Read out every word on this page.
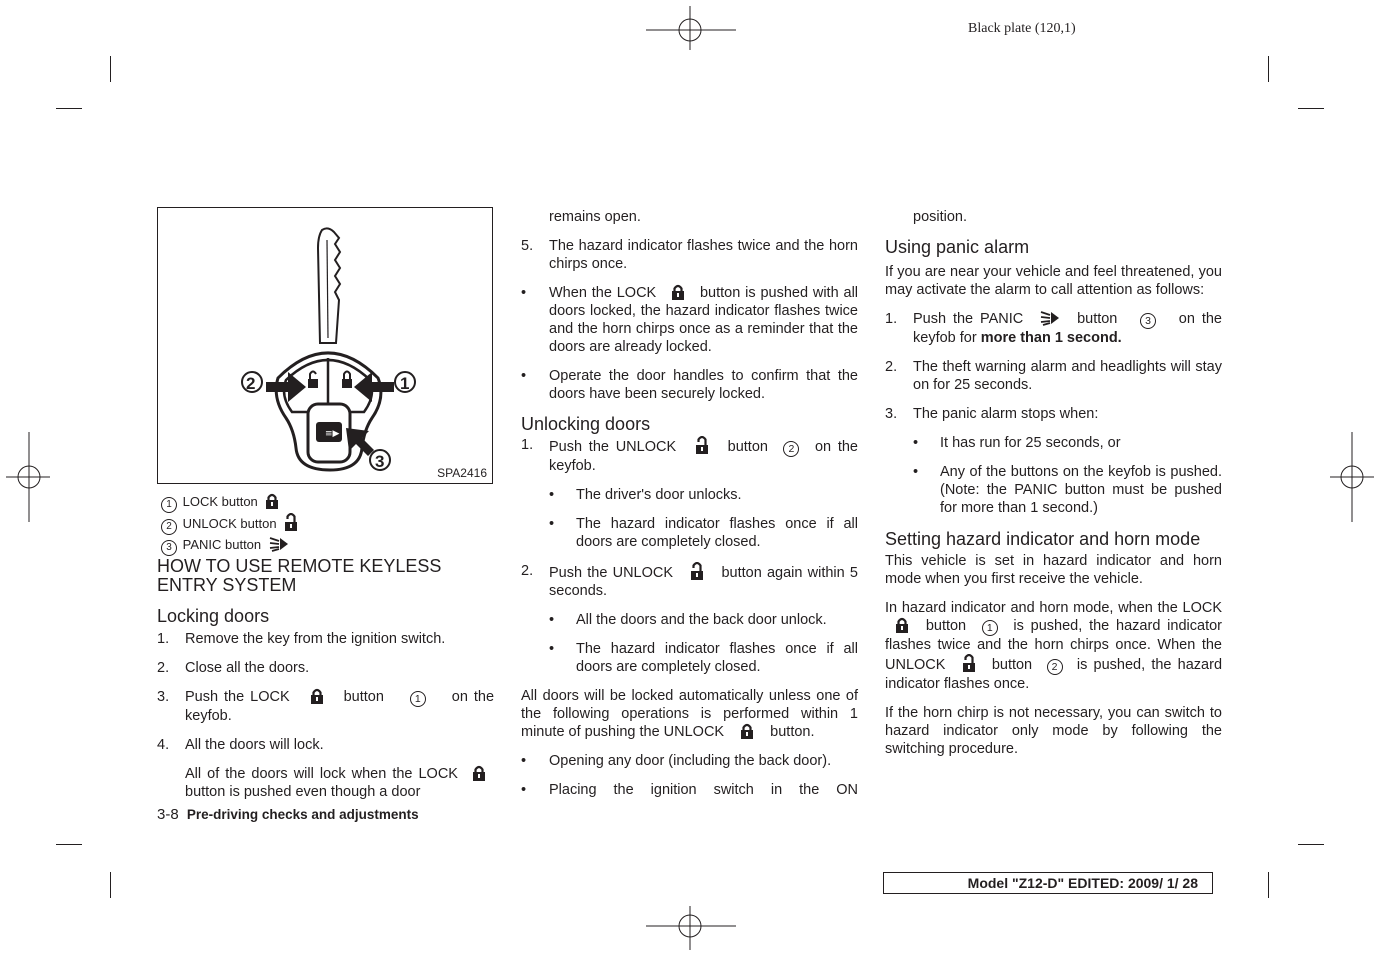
Black plate (120,1)
≡▶
2	1
3
SPA2416
1 LOCK button
2 UNLOCK button
3 PANIC button
HOW TO USE REMOTE KEYLESS
ENTRY SYSTEM
Locking doors
1. Remove the key from the ignition switch.
2. Close all the doors.
3. Push the LOCK	button	1 on the keyfob.
4. All the doors will lock.
All of the doors will lock when the LOCK  button is pushed even though a door
remains open.
5. The hazard indicator flashes twice and the horn chirps once.
• When the LOCK	button is pushed with all doors locked, the hazard indicator flashes twice and the horn chirps once as a reminder that the doors are already locked.
• Operate the door handles to confirm that the doors have been securely locked.
Unlocking doors
1. Push the UNLOCK	button 2 on the keyfob.
• The driver's door unlocks.
• The hazard indicator flashes once if all doors are completely closed.
2. Push the UNLOCK	button again within 5 seconds.
• All the doors and the back door unlock.
• The hazard indicator flashes once if all doors are completely closed.
All doors will be locked automatically unless one of the following operations is performed within 1 minute of pushing the UNLOCK	button.
• Opening any door (including the back door).
• Placing the ignition switch in the ON
position.
Using panic alarm
If you are near your vehicle and feel threatened, you may activate the alarm to call attention as follows:
1. Push the PANIC	button	3 on the keyfob for more than 1 second.
2. The theft warning alarm and headlights will stay on for 25 seconds.
3. The panic alarm stops when:
• It has run for 25 seconds, or
• Any of the buttons on the keyfob is pushed. (Note: the PANIC button must be pushed for more than 1 second.)
Setting hazard indicator and horn mode
This vehicle is set in hazard indicator and horn mode when you first receive the vehicle.
In hazard indicator and horn mode, when the LOCK  button 1 is pushed, the hazard indicator flashes twice and the horn chirps once. When the UNLOCK	button 2 is pushed, the hazard indicator flashes once.
If the horn chirp is not necessary, you can switch to hazard indicator only mode by following the switching procedure.
3-8 Pre-driving checks and adjustments
Model "Z12-D" EDITED: 2009/ 1/ 28
